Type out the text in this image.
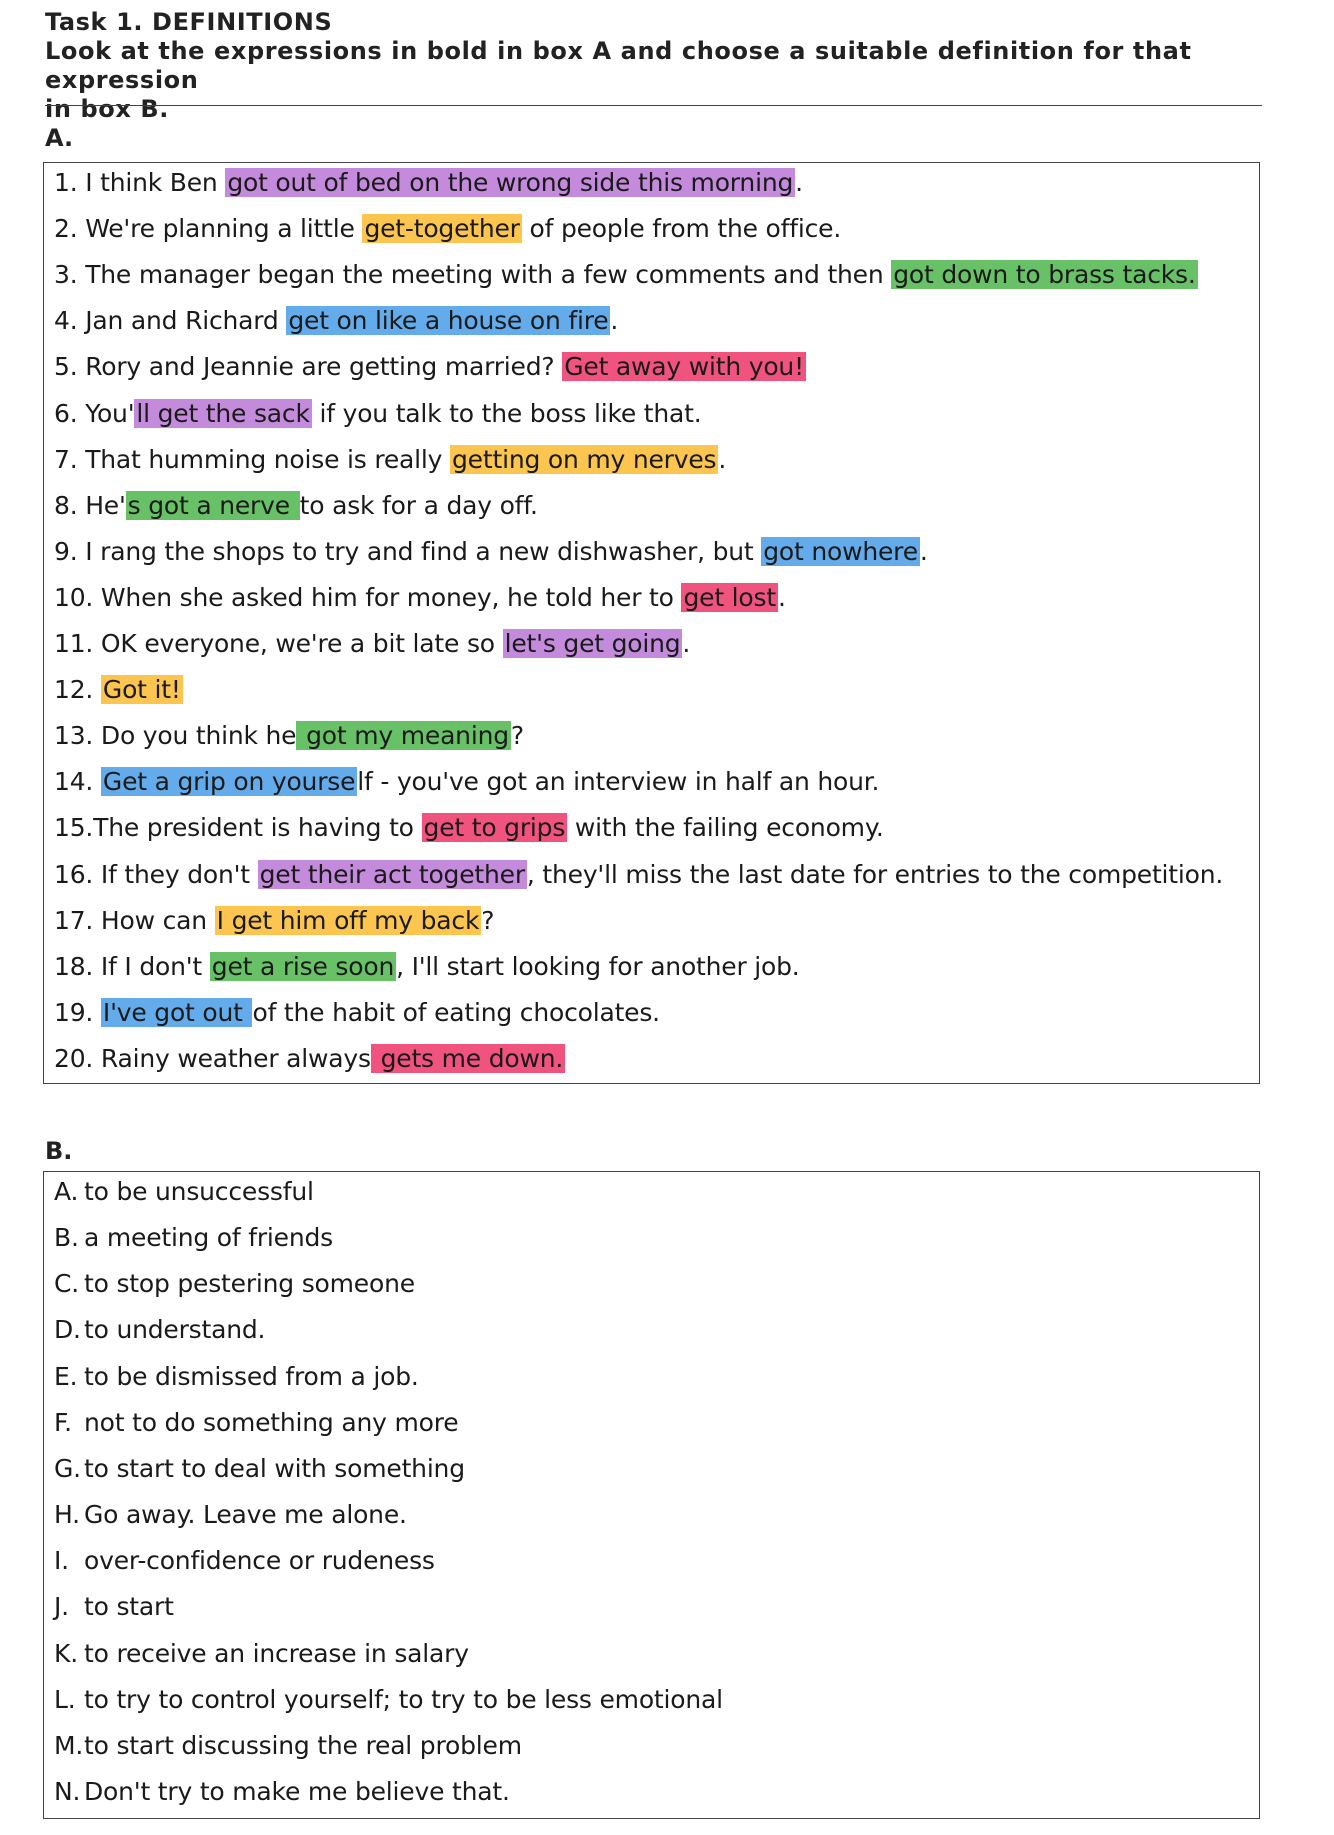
Task 1. DEFINITIONS
Look at the expressions in bold in box A and choose a suitable definition for that expression
in box B.
A.
1. I think Ben got out of bed on the wrong side this morning.
2. We're planning a little get-together of people from the office.
3. The manager began the meeting with a few comments and then got down to brass tacks.
4. Jan and Richard get on like a house on fire.
5. Rory and Jeannie are getting married? Get away with you!
6. You'll get the sack if you talk to the boss like that.
7. That humming noise is really getting on my nerves.
8. He's got a nerve to ask for a day off.
9. I rang the shops to try and find a new dishwasher, but got nowhere.
10. When she asked him for money, he told her to get lost.
11. OK everyone, we're a bit late so let's get going.
12. Got it!
13. Do you think he got my meaning?
14. Get a grip on yourself - you've got an interview in half an hour.
15.The president is having to get to grips with the failing economy.
16. If they don't get their act together, they'll miss the last date for entries to the competition.
17. How can I get him off my back?
18. If I don't get a rise soon, I'll start looking for another job.
19. I've got out of the habit of eating chocolates.
20. Rainy weather always gets me down.
B.
A. to be unsuccessful
B. a meeting of friends
C. to stop pestering someone
D. to understand.
E. to be dismissed from a job.
F. not to do something any more
G. to start to deal with something
H. Go away. Leave me alone.
I. over-confidence or rudeness
J. to start
K. to receive an increase in salary
L. to try to control yourself; to try to be less emotional
M.to start discussing the real problem
N. Don't try to make me believe that.
